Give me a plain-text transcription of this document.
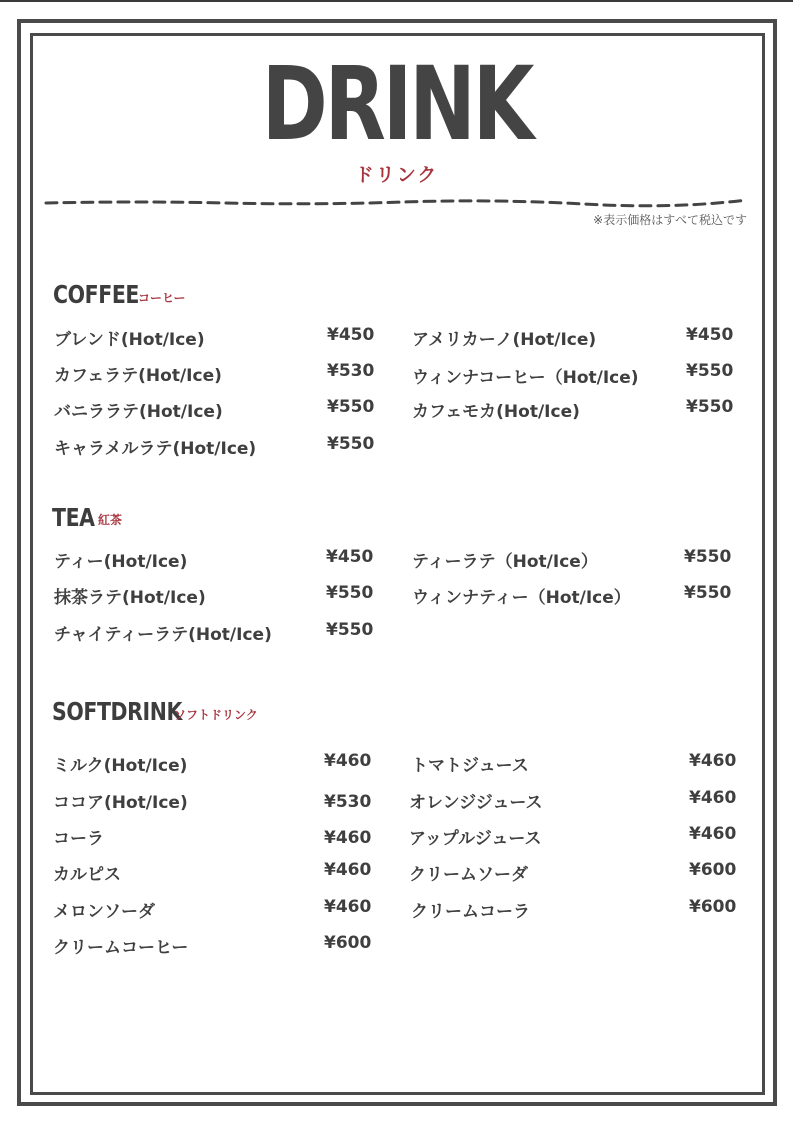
DRINK
ドリンク
※表示価格はすべて税込です
COFFEE
コーヒー
ブレンド(Hot/Ice)	¥450
カフェラテ(Hot/Ice)	¥530
バニララテ(Hot/Ice)	¥550
キャラメルラテ(Hot/Ice)	¥550
アメリカーノ(Hot/Ice)	¥450
ウィンナコーヒー（Hot/Ice)	¥550
カフェモカ(Hot/Ice)	¥550
TEA 紅茶
ティー(Hot/Ice)	¥450
抹茶ラテ(Hot/Ice)	¥550
チャイティーラテ(Hot/Ice)	¥550
ティーラテ（Hot/Ice）	¥550
ウィンナティー（Hot/Ice）	¥550
SOFTDRINK
ソフトドリンク
ミルク(Hot/Ice)	¥460
ココア(Hot/Ice)	¥530
コーラ	¥460
カルピス	¥460
メロンソーダ	¥460
クリームコーヒー	¥600
トマトジュース	¥460
オレンジジュース	¥460
アップルジュース	¥460
クリームソーダ	¥600
クリームコーラ	¥600
